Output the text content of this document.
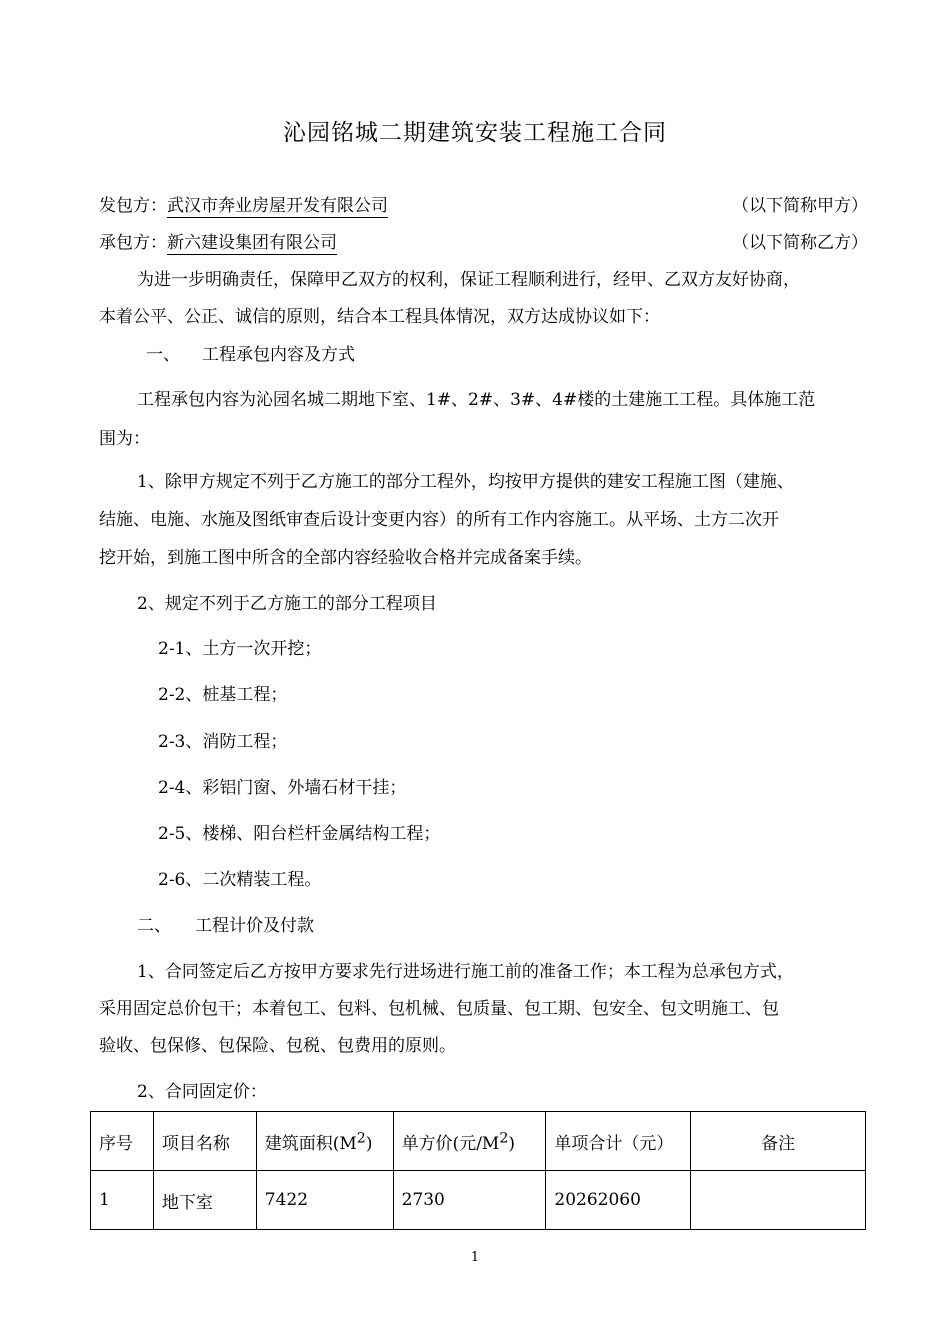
沁园铭城二期建筑安装工程施工合同
发包方：武汉市奔业房屋开发有限公司	（以下简称甲方）
承包方：新六建设集团有限公司	（以下简称乙方）
为进一步明确责任，保障甲乙双方的权利，保证工程顺利进行，经甲、乙双方友好协商，
本着公平、公正、诚信的原则，结合本工程具体情况，双方达成协议如下：
一、 工程承包内容及方式
工程承包内容为沁园名城二期地下室、1#、2#、3#、4#楼的土建施工工程。具体施工范
围为：
1、除甲方规定不列于乙方施工的部分工程外，均按甲方提供的建安工程施工图（建施、
结施、电施、水施及图纸审查后设计变更内容）的所有工作内容施工。从平场、土方二次开
挖开始，到施工图中所含的全部内容经验收合格并完成备案手续。
2、规定不列于乙方施工的部分工程项目
2-1、土方一次开挖；
2-2、桩基工程；
2-3、消防工程；
2-4、彩铝门窗、外墙石材干挂；
2-5、楼梯、阳台栏杆金属结构工程；
2-6、二次精装工程。
二、 工程计价及付款
1、合同签定后乙方按甲方要求先行进场进行施工前的准备工作；本工程为总承包方式，
采用固定总价包干；本着包工、包料、包机械、包质量、包工期、包安全、包文明施工、包
验收、包保修、包保险、包税、包费用的原则。
2、合同固定价：
序号	项目名称	建筑面积$(M^2)$	单方价(元$/M^2$)	单项合计（元）	备注
1	地下室	7422	2730	20262060	
1
